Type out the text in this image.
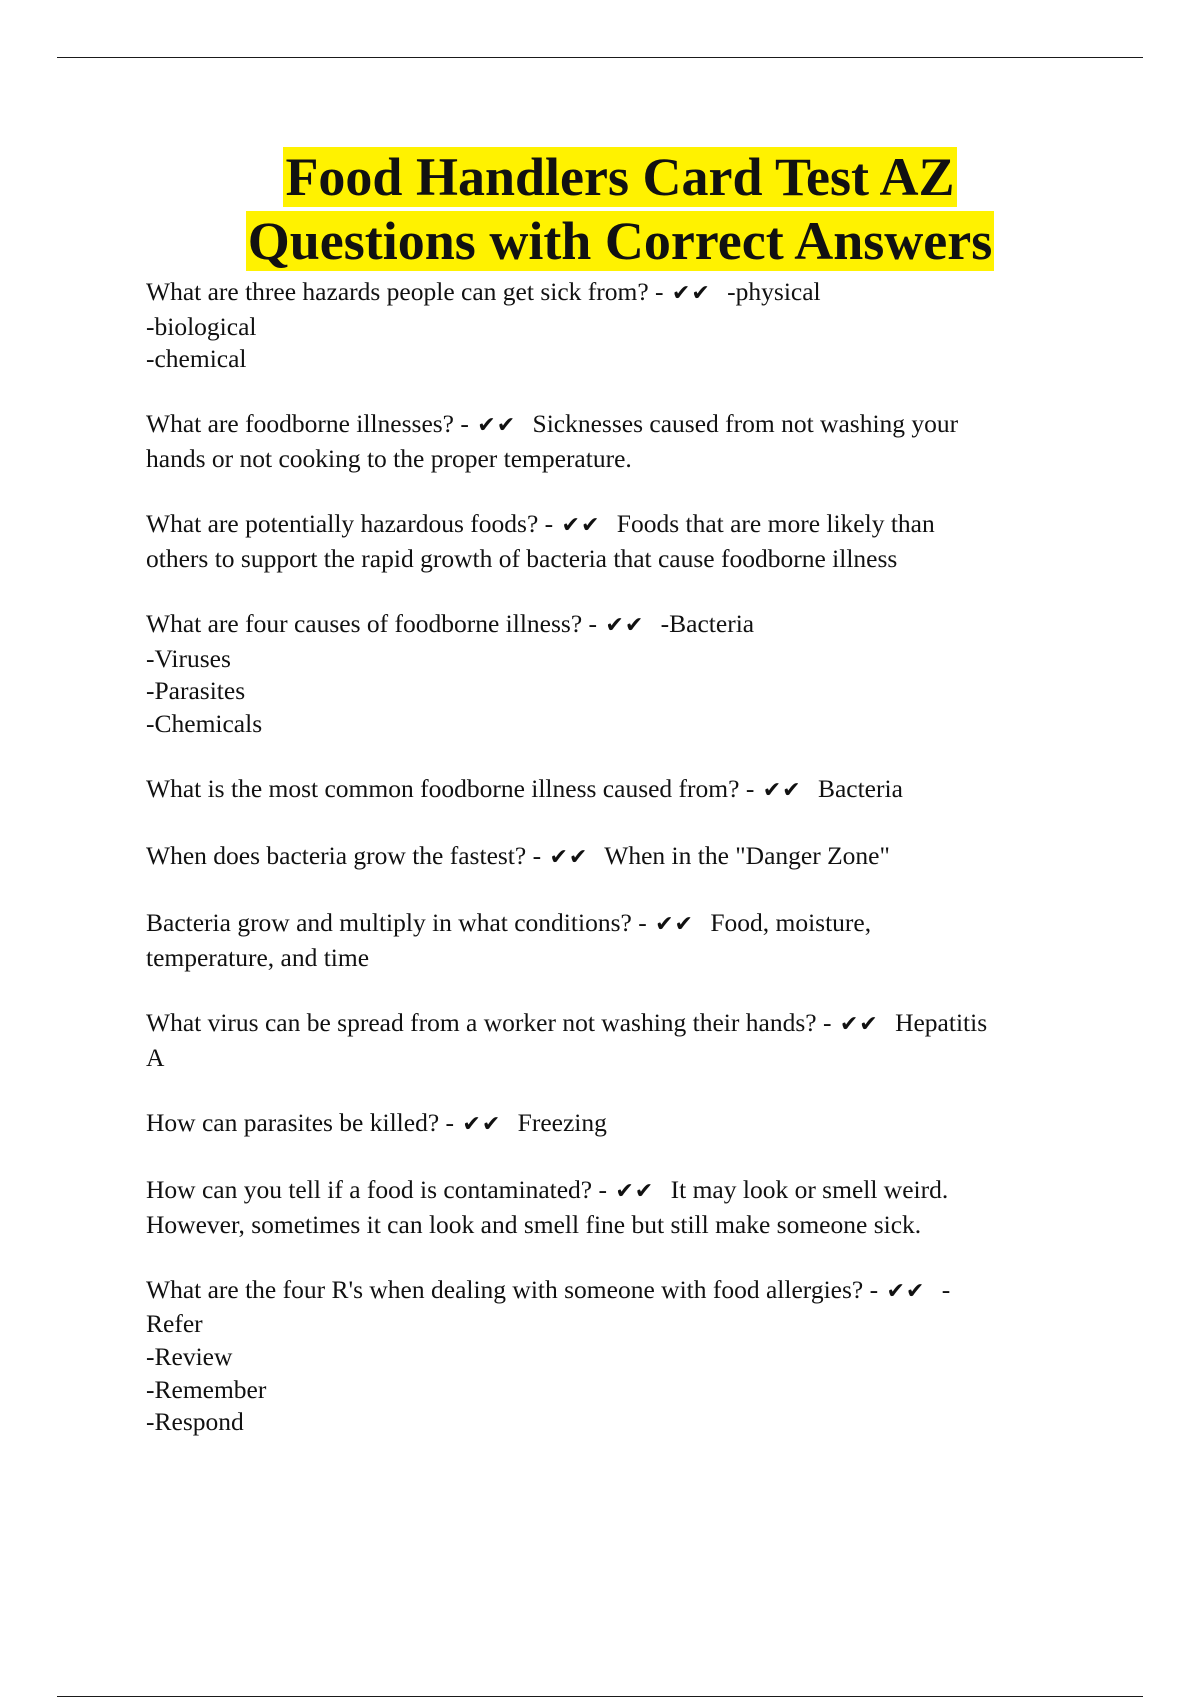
Food Handlers Card Test AZ
Questions with Correct Answers
What are three hazards people can get sick from? - ✔✔ -physical
-biological
-chemical
What are foodborne illnesses? - ✔✔ Sicknesses caused from not washing your
hands or not cooking to the proper temperature.
What are potentially hazardous foods? - ✔✔ Foods that are more likely than
others to support the rapid growth of bacteria that cause foodborne illness
What are four causes of foodborne illness? - ✔✔ -Bacteria
-Viruses
-Parasites
-Chemicals
What is the most common foodborne illness caused from? - ✔✔ Bacteria
When does bacteria grow the fastest? - ✔✔ When in the "Danger Zone"
Bacteria grow and multiply in what conditions? - ✔✔ Food, moisture,
temperature, and time
What virus can be spread from a worker not washing their hands? - ✔✔ Hepatitis
A
How can parasites be killed? - ✔✔ Freezing
How can you tell if a food is contaminated? - ✔✔ It may look or smell weird.
However, sometimes it can look and smell fine but still make someone sick.
What are the four R's when dealing with someone with food allergies? - ✔✔ -
Refer
-Review
-Remember
-Respond
